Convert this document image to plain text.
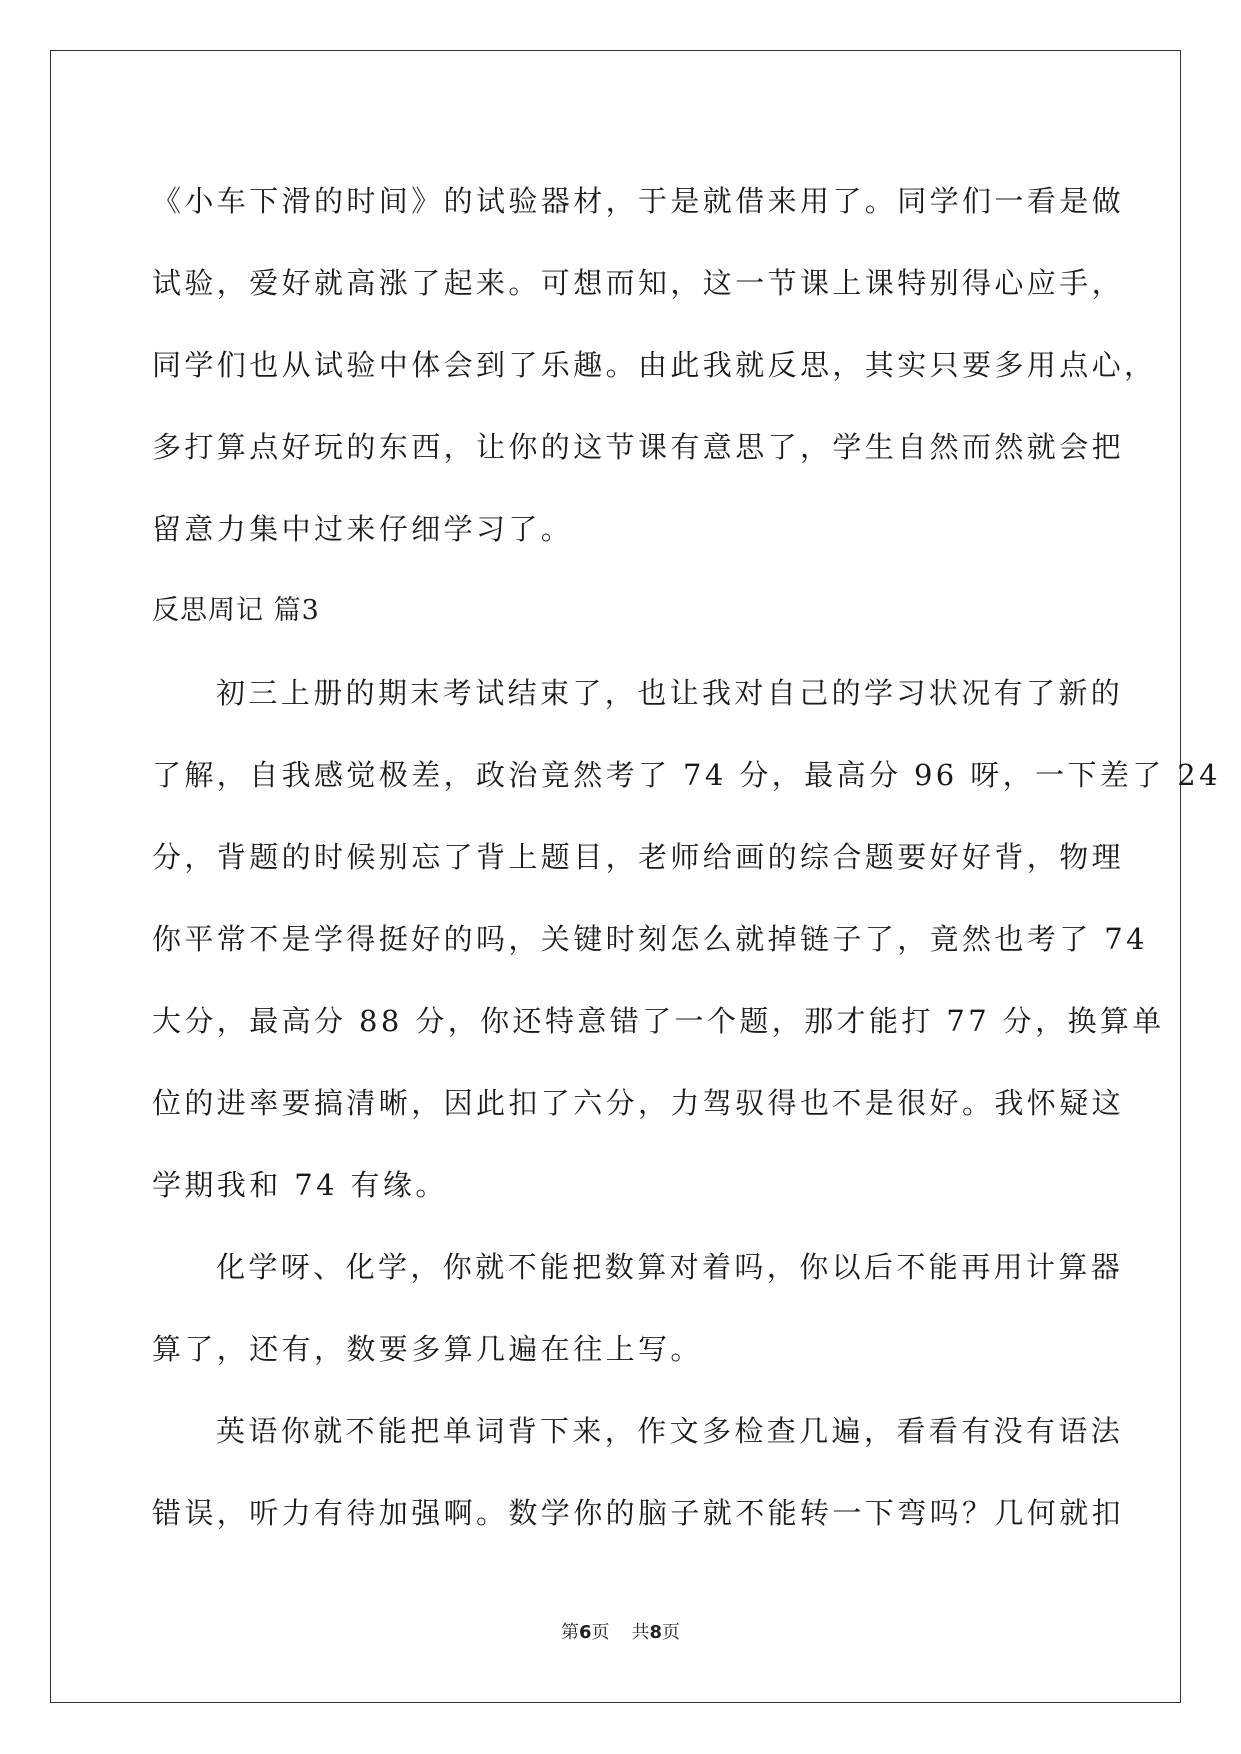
《小车下滑的时间》的试验器材，于是就借来用了。同学们一看是做
试验，爱好就高涨了起来。可想而知，这一节课上课特别得心应手，
同学们也从试验中体会到了乐趣。由此我就反思，其实只要多用点心，
多打算点好玩的东西，让你的这节课有意思了，学生自然而然就会把
留意力集中过来仔细学习了。
反思周记 篇3
初三上册的期末考试结束了，也让我对自己的学习状况有了新的
了解，自我感觉极差，政治竟然考了 74 分，最高分 96 呀，一下差了 24
分，背题的时候别忘了背上题目，老师给画的综合题要好好背，物理
你平常不是学得挺好的吗，关键时刻怎么就掉链子了，竟然也考了 74
大分，最高分 88 分，你还特意错了一个题，那才能打 77 分，换算单
位的进率要搞清晰，因此扣了六分，力驾驭得也不是很好。我怀疑这
学期我和 74 有缘。
化学呀、化学，你就不能把数算对着吗，你以后不能再用计算器
算了，还有，数要多算几遍在往上写。
英语你就不能把单词背下来，作文多检查几遍，看看有没有语法
错误，听力有待加强啊。数学你的脑子就不能转一下弯吗？几何就扣
第6页 共8页
